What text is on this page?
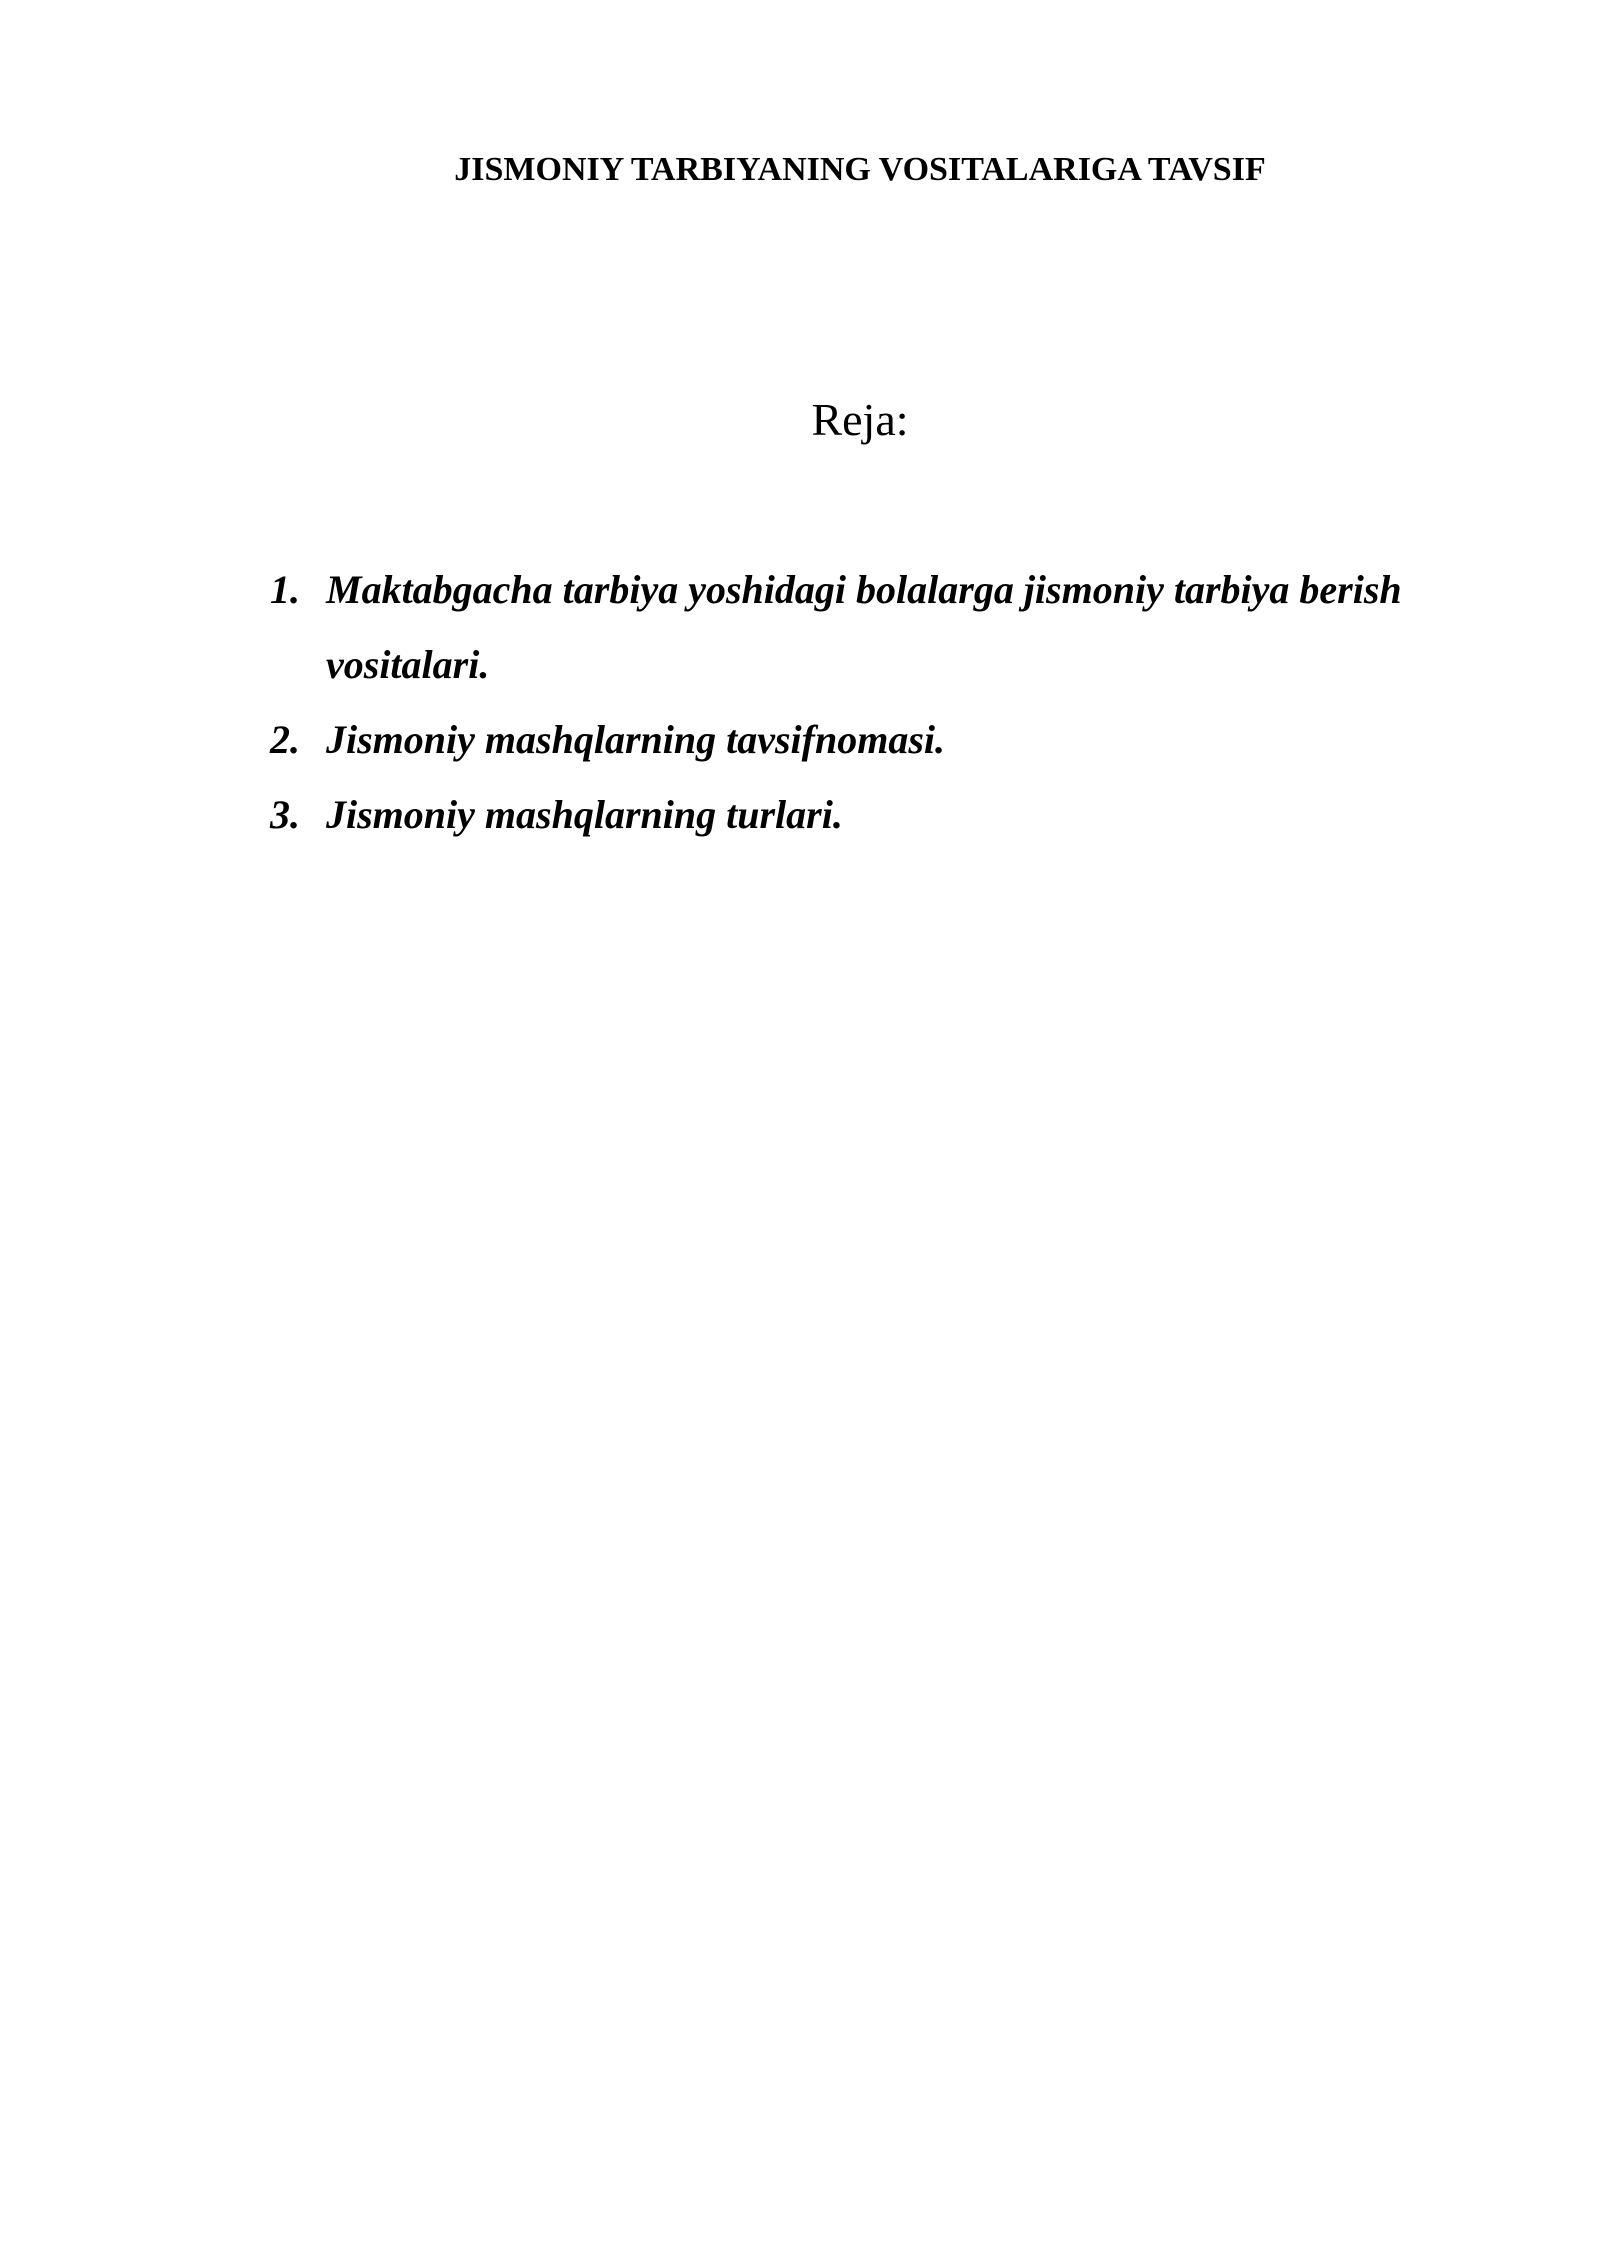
JISMONIY TARBIYANING VOSITALARIGA TAVSIF
Reja:
1. Maktabgacha tarbiya yoshidagi bolalarga jismoniy tarbiya berish vositalari.
2. Jismoniy mashqlarning tavsifnomasi.
3. Jismoniy mashqlarning turlari.
